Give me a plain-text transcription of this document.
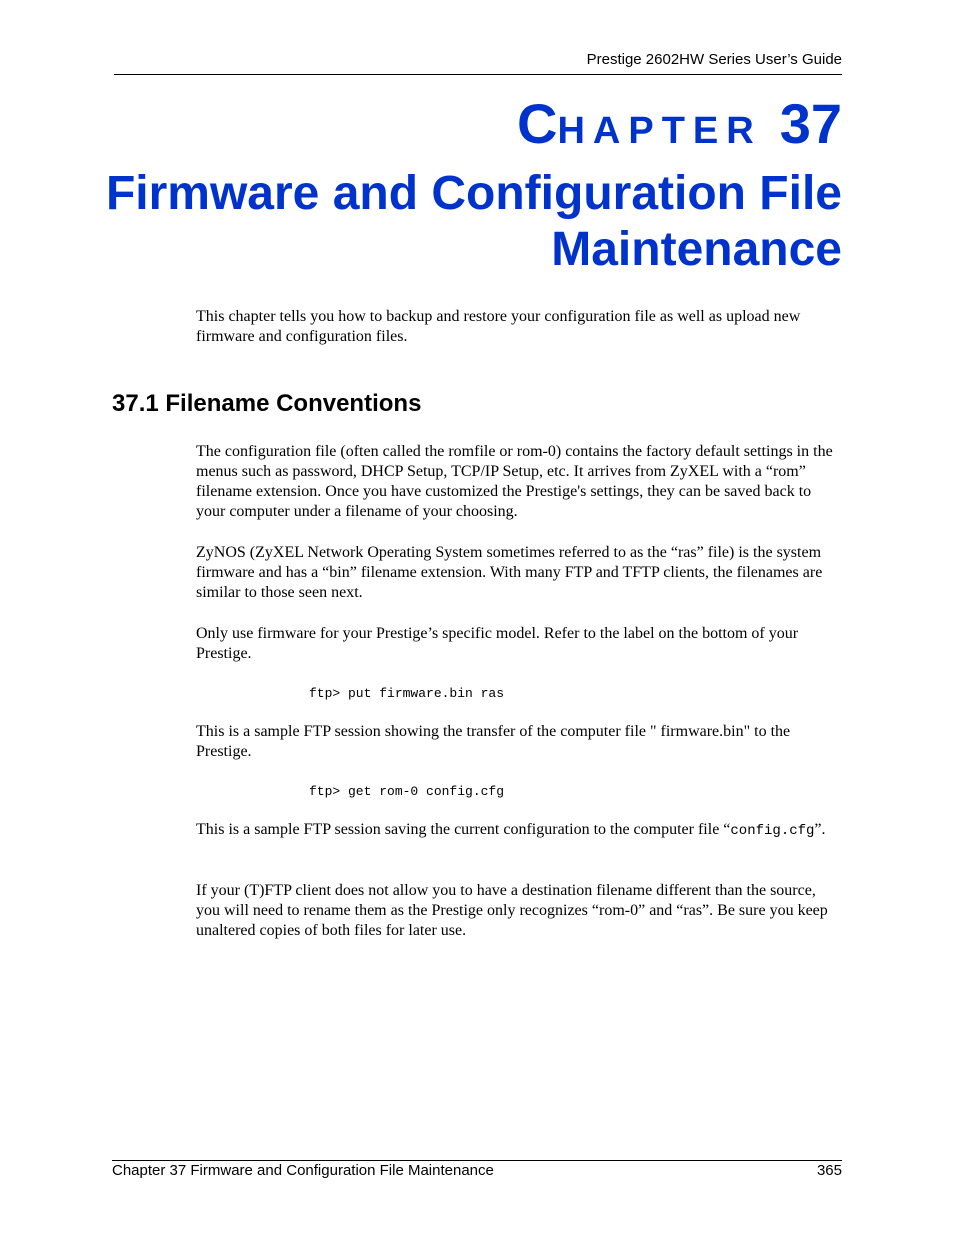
Prestige 2602HW Series User’s Guide
CHAPTER 37
Firmware and Configuration File
Maintenance

This chapter tells you how to backup and restore your configuration file as well as upload new firmware and configuration files.

37.1 Filename Conventions

The configuration file (often called the romfile or rom-0) contains the factory default settings in the menus such as password, DHCP Setup, TCP/IP Setup, etc. It arrives from ZyXEL with a “rom” filename extension. Once you have customized the Prestige's settings, they can be saved back to your computer under a filename of your choosing.

ZyNOS (ZyXEL Network Operating System sometimes referred to as the “ras” file) is the system firmware and has a “bin” filename extension. With many FTP and TFTP clients, the filenames are similar to those seen next.

Only use firmware for your Prestige’s specific model. Refer to the label on the bottom of your Prestige.

ftp> put firmware.bin ras

This is a sample FTP session showing the transfer of the computer file " firmware.bin" to the Prestige.

ftp> get rom-0 config.cfg

This is a sample FTP session saving the current configuration to the computer file “config.cfg”.

If your (T)FTP client does not allow you to have a destination filename different than the source, you will need to rename them as the Prestige only recognizes “rom-0” and “ras”. Be sure you keep unaltered copies of both files for later use.

Chapter 37 Firmware and Configuration File Maintenance	365
